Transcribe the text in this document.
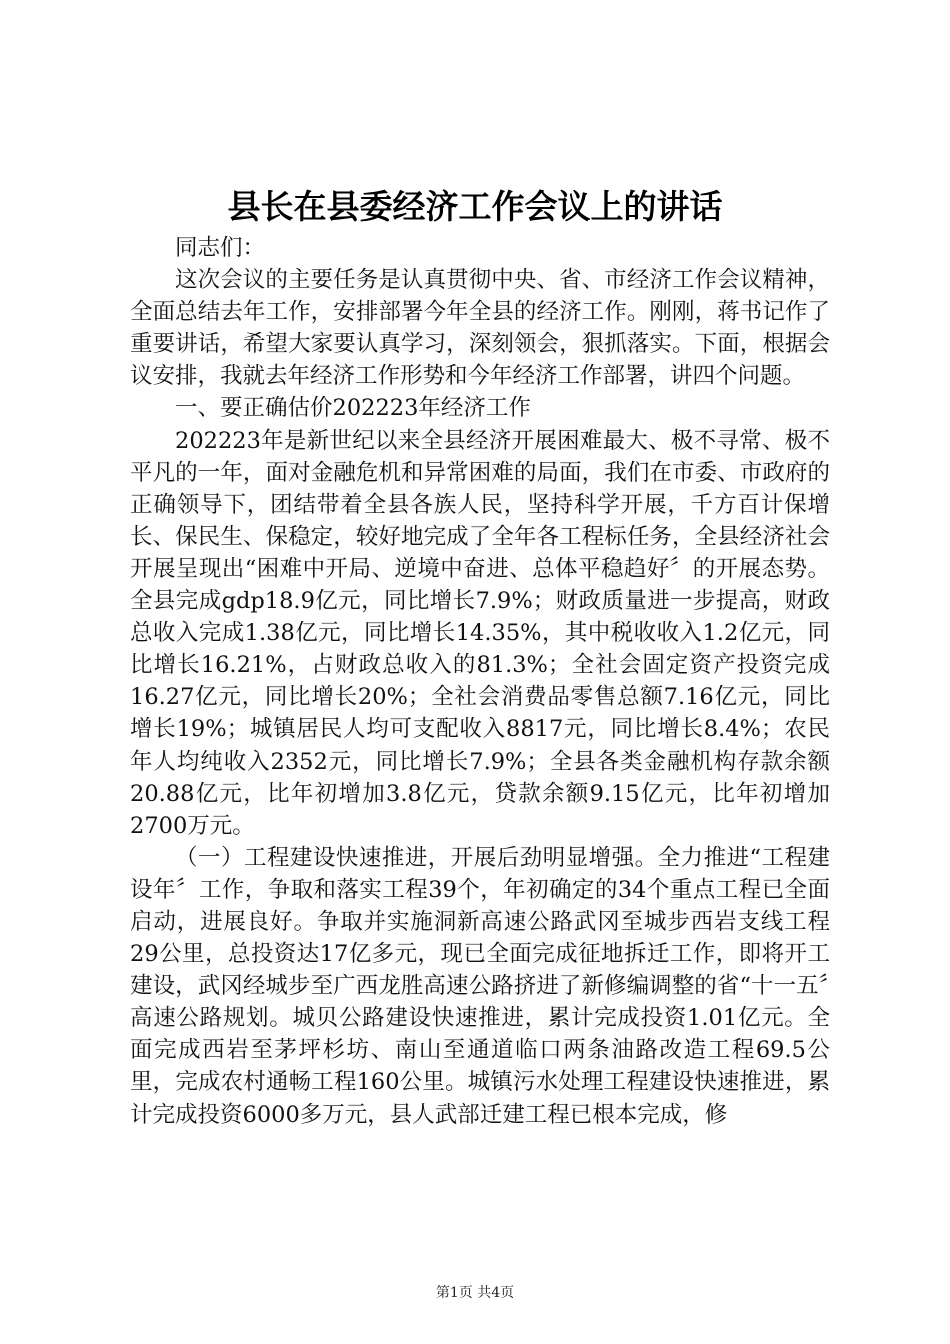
县长在县委经济工作会议上的讲话

同志们：

这次会议的主要任务是认真贯彻中央、省、市经济工作会议精神，全面总结去年工作，安排部署今年全县的经济工作。刚刚，蒋书记作了重要讲话，希望大家要认真学习，深刻领会，狠抓落实。下面，根据会议安排，我就去年经济工作形势和今年经济工作部署，讲四个问题。

一、要正确估价202223年经济工作

202223年是新世纪以来全县经济开展困难最大、极不寻常、极不平凡的一年，面对金融危机和异常困难的局面，我们在市委、市政府的正确领导下，团结带着全县各族人民，坚持科学开展，千方百计保增长、保民生、保稳定，较好地完成了全年各工程标任务，全县经济社会开展呈现出“困难中开局、逆境中奋进、总体平稳趋好〞的开展态势。全县完成gdp18.9亿元，同比增长7.9%；财政质量进一步提高，财政总收入完成1.38亿元，同比增长14.35%，其中税收收入1.2亿元，同比增长16.21%，占财政总收入的81.3%；全社会固定资产投资完成16.27亿元，同比增长20%；全社会消费品零售总额7.16亿元，同比增长19%；城镇居民人均可支配收入8817元，同比增长8.4%；农民年人均纯收入2352元，同比增长7.9%；全县各类金融机构存款余额20.88亿元，比年初增加3.8亿元，贷款余额9.15亿元，比年初增加2700万元。

（一）工程建设快速推进，开展后劲明显增强。全力推进“工程建设年〞工作，争取和落实工程39个，年初确定的34个重点工程已全面启动，进展良好。争取并实施洞新高速公路武冈至城步西岩支线工程29公里，总投资达17亿多元，现已全面完成征地拆迁工作，即将开工建设，武冈经城步至广西龙胜高速公路挤进了新修编调整的省“十一五〞高速公路规划。城贝公路建设快速推进，累计完成投资1.01亿元。全面完成西岩至茅坪杉坊、南山至通道临口两条油路改造工程69.5公里，完成农村通畅工程160公里。城镇污水处理工程建设快速推进，累计完成投资6000多万元，县人武部迁建工程已根本完成，修

第1页 共4页
